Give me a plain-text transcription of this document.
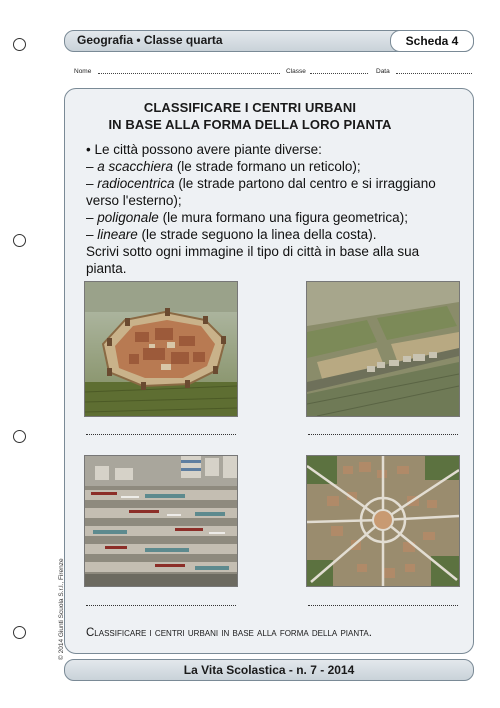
Geografia • Classe quarta	Scheda 4
Nome	Classe	Data
CLASSIFICARE I CENTRI URBANI
IN BASE ALLA FORMA DELLA LORO PIANTA
• Le città possono avere piante diverse:
– a scacchiera (le strade formano un reticolo);
– radiocentrica (le strade partono dal centro e si irraggiano
verso l'esterno);
– poligonale (le mura formano una figura geometrica);
– lineare (le strade seguono la linea della costa).
Scrivi sotto ogni immagine il tipo di città in base alla sua
pianta.
Classificare i centri urbani in base alla forma della pianta.
© 2014 Giunti Scuola S.r.l., Firenze
La Vita Scolastica - n. 7 - 2014
